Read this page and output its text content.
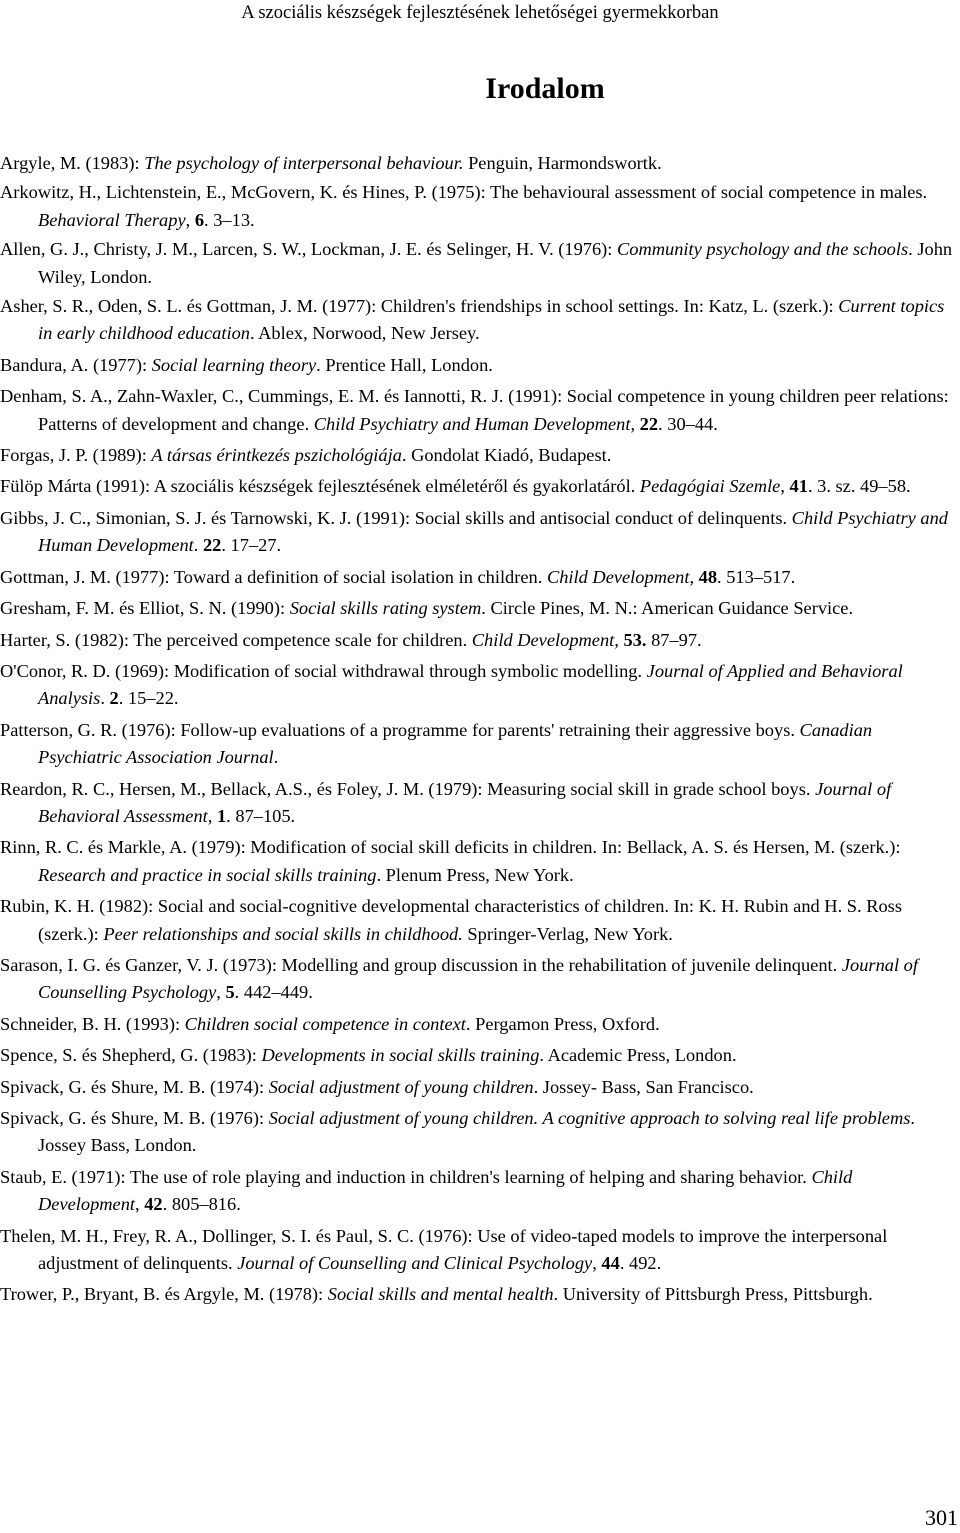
A szociális készségek fejlesztésének lehetőségei gyermekkorban
Irodalom
Argyle, M. (1983): The psychology of interpersonal behaviour. Penguin, Harmondswortk.
Arkowitz, H., Lichtenstein, E., McGovern, K. és Hines, P. (1975): The behavioural assessment of social competence in males. Behavioral Therapy, 6. 3–13.
Allen, G. J., Christy, J. M., Larcen, S. W., Lockman, J. E. és Selinger, H. V. (1976): Community psychology and the schools. John Wiley, London.
Asher, S. R., Oden, S. L. és Gottman, J. M. (1977): Children's friendships in school settings. In: Katz, L. (szerk.): Current topics in early childhood education. Ablex, Norwood, New Jersey.
Bandura, A. (1977): Social learning theory. Prentice Hall, London.
Denham, S. A., Zahn-Waxler, C., Cummings, E. M. és Iannotti, R. J. (1991): Social competence in young children peer relations: Patterns of development and change. Child Psychiatry and Human Development, 22. 30–44.
Forgas, J. P. (1989): A társas érintkezés pszichológiája. Gondolat Kiadó, Budapest.
Fülöp Márta (1991): A szociális készségek fejlesztésének elméletéről és gyakorlatáról. Pedagógiai Szemle, 41. 3. sz. 49–58.
Gibbs, J. C., Simonian, S. J. és Tarnowski, K. J. (1991): Social skills and antisocial conduct of delinquents. Child Psychiatry and Human Development. 22. 17–27.
Gottman, J. M. (1977): Toward a definition of social isolation in children. Child Development, 48. 513–517.
Gresham, F. M. és Elliot, S. N. (1990): Social skills rating system. Circle Pines, M. N.: American Guidance Service.
Harter, S. (1982): The perceived competence scale for children. Child Development, 53. 87–97.
O'Conor, R. D. (1969): Modification of social withdrawal through symbolic modelling. Journal of Applied and Behavioral Analysis. 2. 15–22.
Patterson, G. R. (1976): Follow-up evaluations of a programme for parents' retraining their aggressive boys. Canadian Psychiatric Association Journal.
Reardon, R. C., Hersen, M., Bellack, A.S., és Foley, J. M. (1979): Measuring social skill in grade school boys. Journal of Behavioral Assessment, 1. 87–105.
Rinn, R. C. és Markle, A. (1979): Modification of social skill deficits in children. In: Bellack, A. S. és Hersen, M. (szerk.): Research and practice in social skills training. Plenum Press, New York.
Rubin, K. H. (1982): Social and social-cognitive developmental characteristics of children. In: K. H. Rubin and H. S. Ross (szerk.): Peer relationships and social skills in childhood. Springer-Verlag, New York.
Sarason, I. G. és Ganzer, V. J. (1973): Modelling and group discussion in the rehabilitation of juvenile delinquent. Journal of Counselling Psychology, 5. 442–449.
Schneider, B. H. (1993): Children social competence in context. Pergamon Press, Oxford.
Spence, S. és Shepherd, G. (1983): Developments in social skills training. Academic Press, London.
Spivack, G. és Shure, M. B. (1974): Social adjustment of young children. Jossey- Bass, San Francisco.
Spivack, G. és Shure, M. B. (1976): Social adjustment of young children. A cognitive approach to solving real life problems. Jossey Bass, London.
Staub, E. (1971): The use of role playing and induction in children's learning of helping and sharing behavior. Child Development, 42. 805–816.
Thelen, M. H., Frey, R. A., Dollinger, S. I. és Paul, S. C. (1976): Use of video-taped models to improve the interpersonal adjustment of delinquents. Journal of Counselling and Clinical Psychology, 44. 492.
Trower, P., Bryant, B. és Argyle, M. (1978): Social skills and mental health. University of Pittsburgh Press, Pittsburgh.
301
